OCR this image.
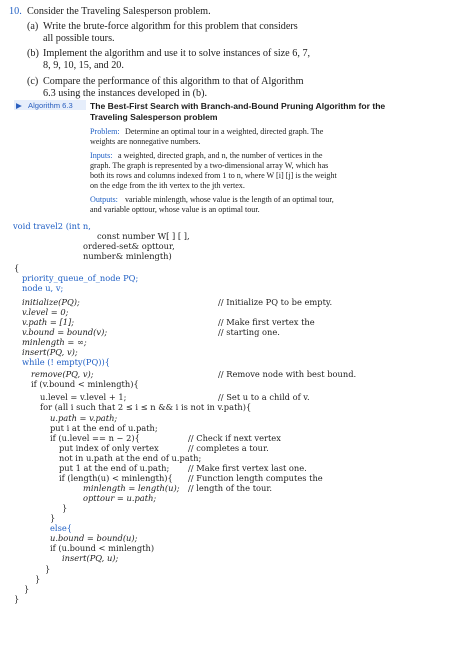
10. Consider the Traveling Salesperson problem.
(a) Write the brute-force algorithm for this problem that considers
all possible tours.
(b) Implement the algorithm and use it to solve instances of size 6, 7,
8, 9, 10, 15, and 20.
(c) Compare the performance of this algorithm to that of Algorithm
6.3 using the instances developed in (b).
▶ Algorithm 6.3 The Best-First Search with Branch-and-Bound Pruning Algorithm for the
Traveling Salesperson problem
Problem: Determine an optimal tour in a weighted, directed graph. The
weights are nonnegative numbers.
Inputs: a weighted, directed graph, and n, the number of vertices in the
graph. The graph is represented by a two-dimensional array W, which has
both its rows and columns indexed from 1 to n, where W [i] [j] is the weight
on the edge from the ith vertex to the jth vertex.
Outputs: variable minlength, whose value is the length of an optimal tour,
and variable opttour, whose value is an optimal tour.
void travel2 (int n,
const number W[ ] [ ],
ordered-set& opttour,
number& minlength)
{
priority_queue_of_node PQ;
node u, v;
initialize(PQ);	// Initialize PQ to be empty.
v.level = 0;
v.path = [1];	// Make first vertex the
v.bound = bound(v);	// starting one.
minlength = ∞;
insert(PQ, v);
while (! empty(PQ)){
remove(PQ, v);	// Remove node with best bound.
if (v.bound < minlength){
u.level = v.level + 1;	// Set u to a child of v.
for (all i such that 2 ≤ i ≤ n && i is not in v.path){
u.path = v.path;
put i at the end of u.path;
if (u.level == n − 2){	// Check if next vertex
put index of only vertex	// completes a tour.
not in u.path at the end of u.path;
put 1 at the end of u.path; // Make first vertex last one.
if (length(u) < minlength){ // Function length computes the
minlength = length(u); // length of the tour.
opttour = u.path;
}
}
else{
u.bound = bound(u);
if (u.bound < minlength)
insert(PQ, u);
}
}
}
}
